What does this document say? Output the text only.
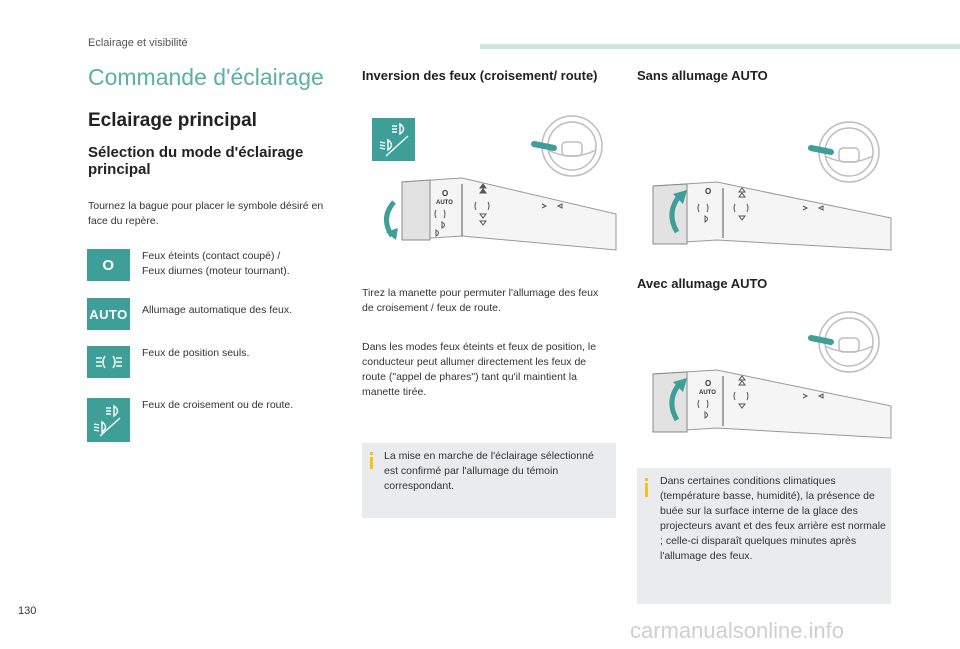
Eclairage et visibilité
Commande d'éclairage
Eclairage principal
Sélection du mode d'éclairage principal
Tournez la bague pour placer le symbole désiré en face du repère.
O
Feux éteints (contact coupé) /
Feux diurnes (moteur tournant).
AUTO Allumage automatique des feux.
Feux de position seuls.
Feux de croisement ou de route.
Inversion des feux (croisement/ route)
O
AUTO
Tirez la manette pour permuter l'allumage des feux de croisement / feux de route.
Dans les modes feux éteints et feux de position, le conducteur peut allumer directement les feux de route ("appel de phares") tant qu'il maintient la manette tirée.
La mise en marche de l'éclairage sélectionné est confirmé par l'allumage du témoin correspondant.
Sans allumage AUTO
O
Avec allumage AUTO
O
AUTO
Dans certaines conditions climatiques (température basse, humidité), la présence de buée sur la surface interne de la glace des projecteurs avant et des feux arrière est normale ; celle-ci disparaît quelques minutes après l'allumage des feux.
130
carmanualsonline.info
